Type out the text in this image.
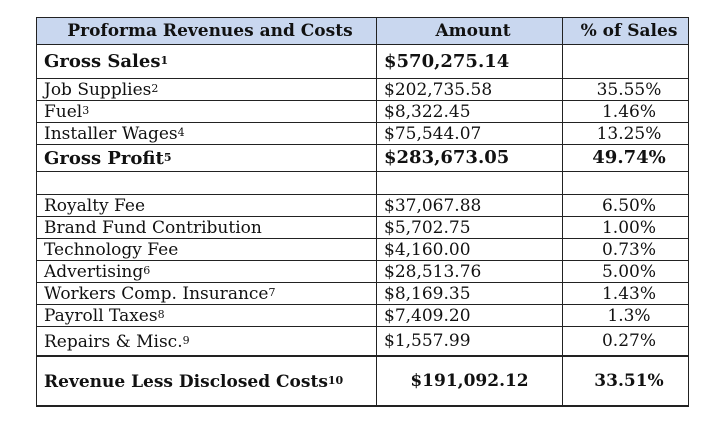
Proforma Revenues and Costs	Amount	% of Sales
Gross Sales$^1$	$570,275.14	
Job Supplies$^2$	$202,735.58	35.55%
Fuel$^3$	$8,322.45	1.46%
Installer Wages$^4$	$75,544.07	13.25%
Gross Profit$^5$	$283,673.05	49.74%

Royalty Fee	$37,067.88	6.50%
Brand Fund Contribution	$5,702.75	1.00%
Technology Fee	$4,160.00	0.73%
Advertising$^6$	$28,513.76	5.00%
Workers Comp. Insurance$^7$	$8,169.35	1.43%
Payroll Taxes$^8$	$7,409.20	1.3%
Repairs & Misc.$^9$	$1,557.99	0.27%
Revenue Less Disclosed Costs$^{10}$	$191,092.12	33.51%
